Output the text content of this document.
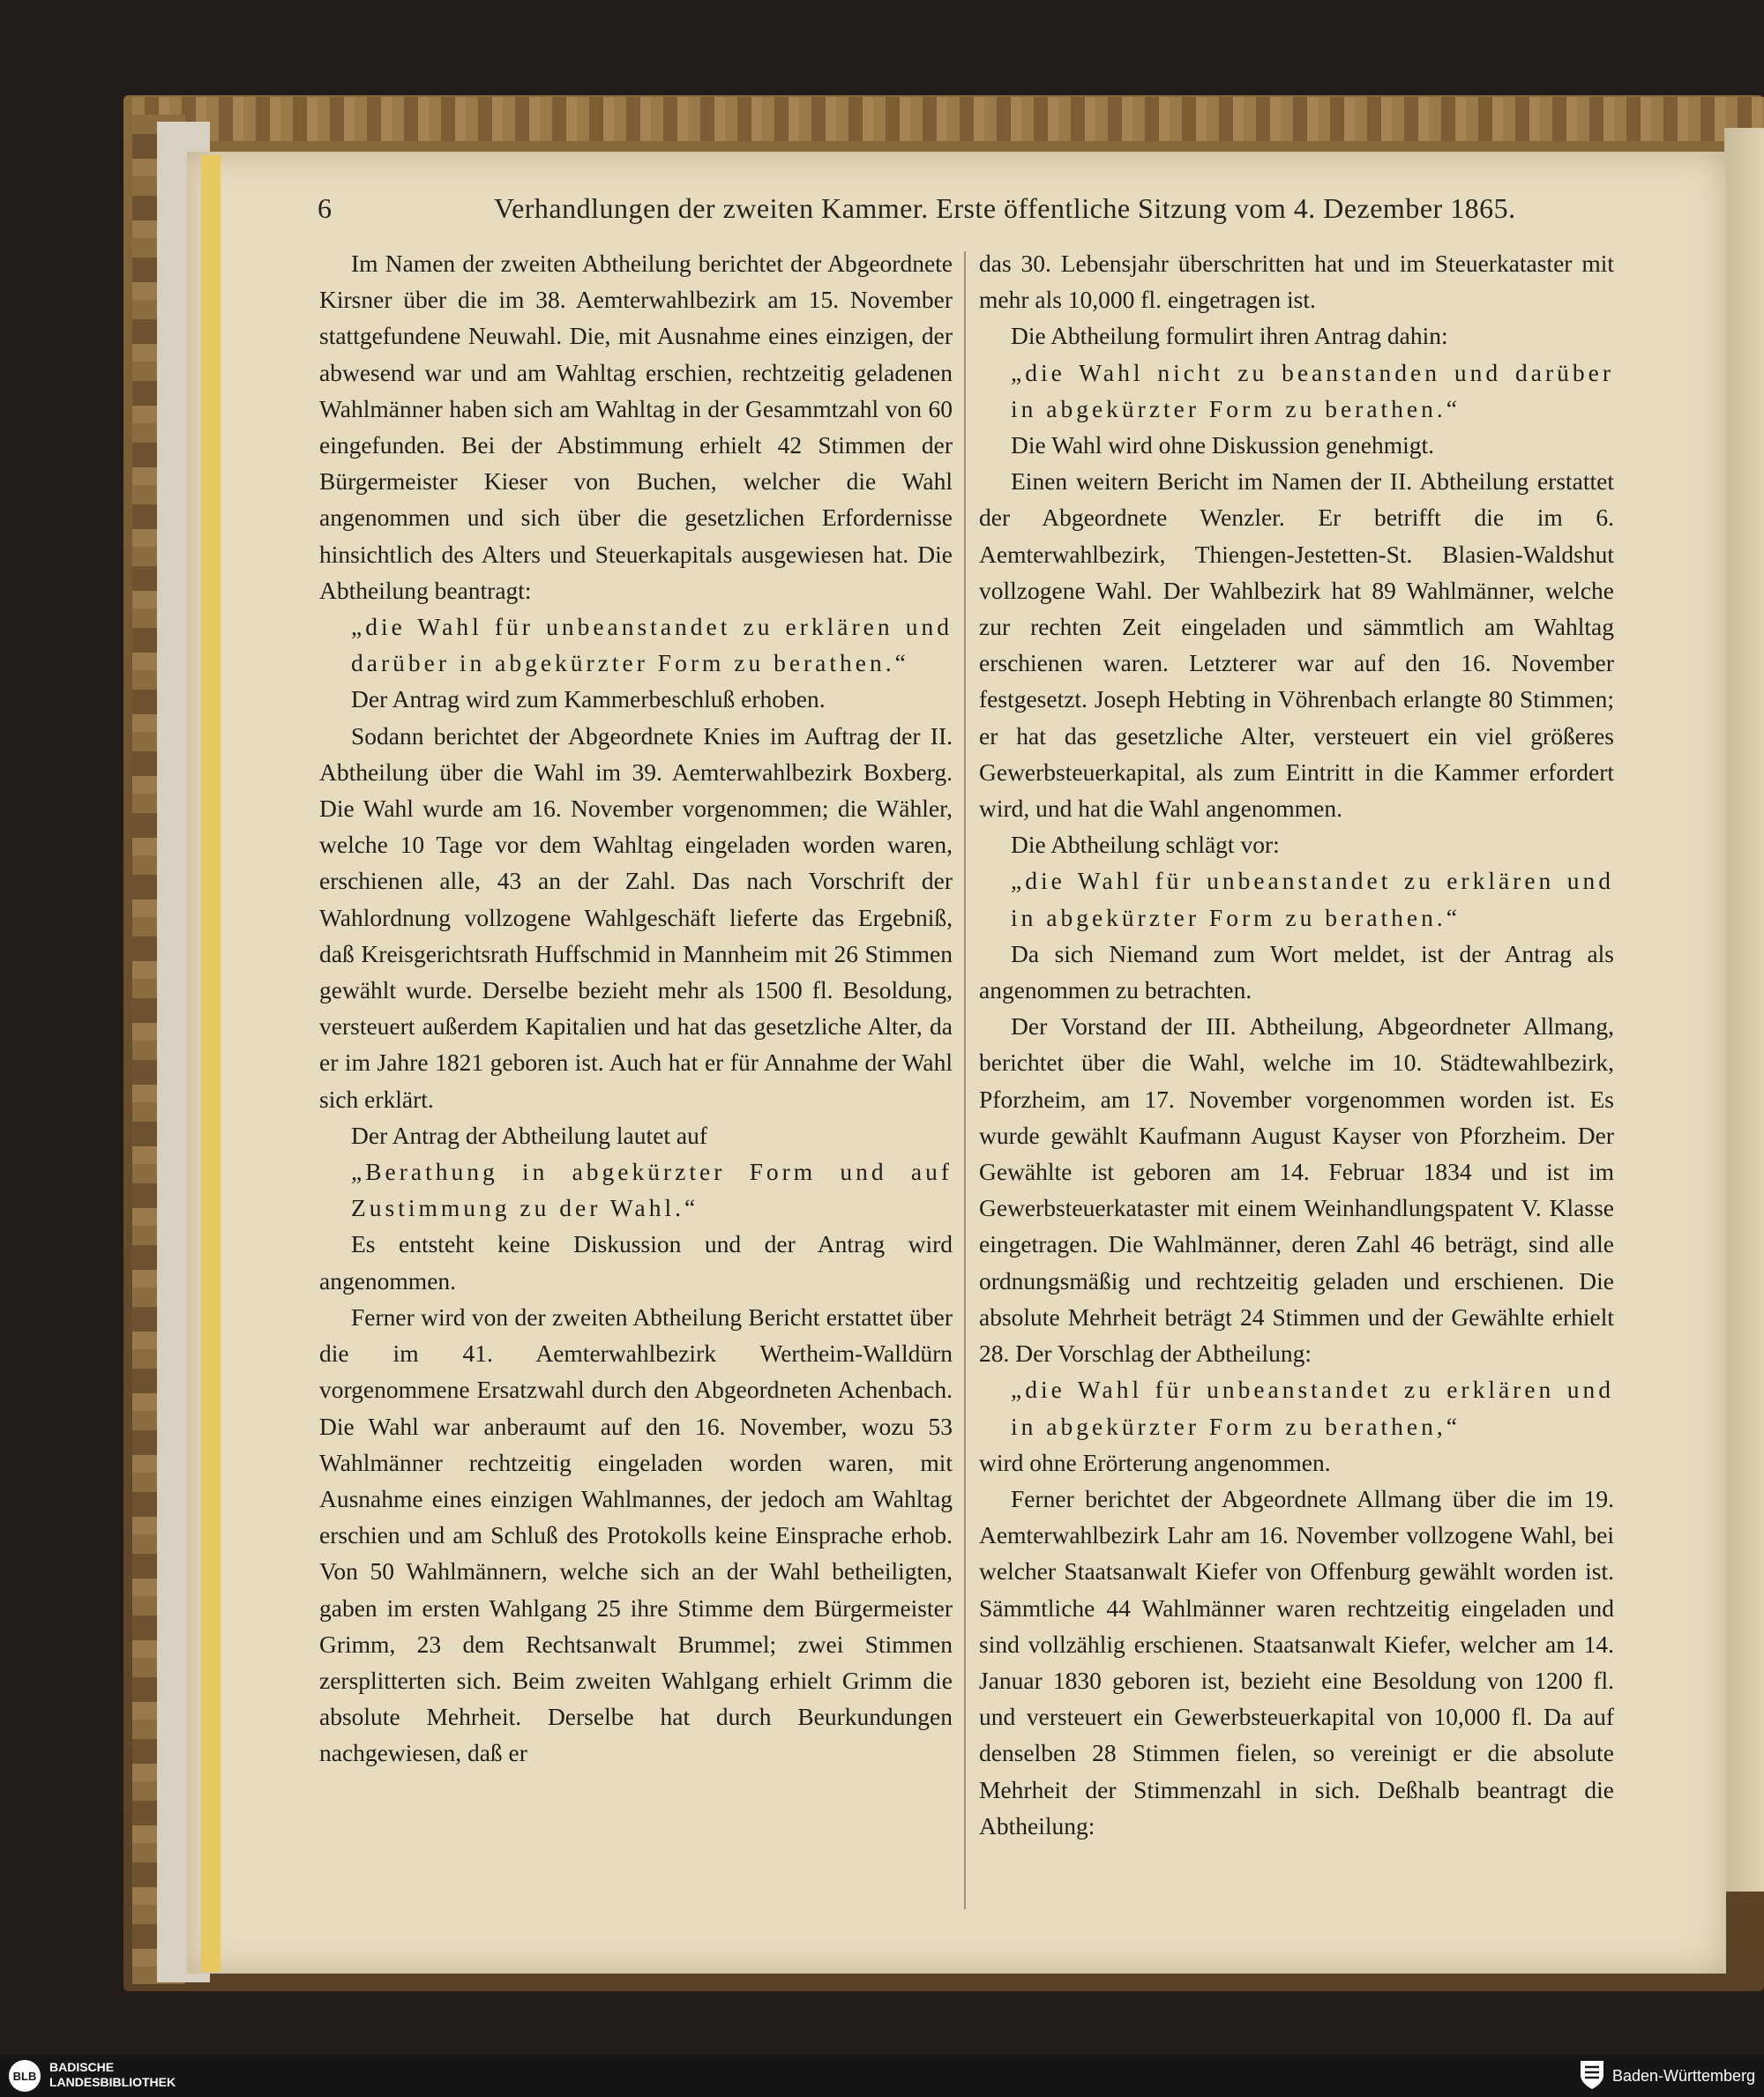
6	Verhandlungen der zweiten Kammer. Erste öffentliche Sitzung vom 4. Dezember 1865.

Im Namen der zweiten Abtheilung berichtet der Abgeordnete Kirsner über die im 38. Aemterwahlbezirk am 15. November stattgefundene Neuwahl. Die, mit Ausnahme eines einzigen, der abwesend war und am Wahltag erschien, rechtzeitig geladenen Wahlmänner haben sich am Wahltag in der Gesammtzahl von 60 eingefunden. Bei der Abstimmung erhielt 42 Stimmen der Bürgermeister Kieser von Buchen, welcher die Wahl angenommen und sich über die gesetzlichen Erfordernisse hinsichtlich des Alters und Steuerkapitals ausgewiesen hat. Die Abtheilung beantragt:

„die Wahl für unbeanstandet zu erklären und darüber in abgekürzter Form zu berathen.“

Der Antrag wird zum Kammerbeschluß erhoben.

Sodann berichtet der Abgeordnete Knies im Auftrag der II. Abtheilung über die Wahl im 39. Aemterwahlbezirk Boxberg. Die Wahl wurde am 16. November vorgenommen; die Wähler, welche 10 Tage vor dem Wahltag eingeladen worden waren, erschienen alle, 43 an der Zahl. Das nach Vorschrift der Wahlordnung vollzogene Wahlgeschäft lieferte das Ergebniß, daß Kreisgerichtsrath Huffschmid in Mannheim mit 26 Stimmen gewählt wurde. Derselbe bezieht mehr als 1500 fl. Besoldung, versteuert außerdem Kapitalien und hat das gesetzliche Alter, da er im Jahre 1821 geboren ist. Auch hat er für Annahme der Wahl sich erklärt.

Der Antrag der Abtheilung lautet auf

„Berathung in abgekürzter Form und auf Zustimmung zu der Wahl.“

Es entsteht keine Diskussion und der Antrag wird angenommen.

Ferner wird von der zweiten Abtheilung Bericht erstattet über die im 41. Aemterwahlbezirk Wertheim-Walldürn vorgenommene Ersatzwahl durch den Abgeordneten Achenbach. Die Wahl war anberaumt auf den 16. November, wozu 53 Wahlmänner rechtzeitig eingeladen worden waren, mit Ausnahme eines einzigen Wahlmannes, der jedoch am Wahltag erschien und am Schluß des Protokolls keine Einsprache erhob. Von 50 Wahlmännern, welche sich an der Wahl betheiligten, gaben im ersten Wahlgang 25 ihre Stimme dem Bürgermeister Grimm, 23 dem Rechtsanwalt Brummel; zwei Stimmen zersplitterten sich. Beim zweiten Wahlgang erhielt Grimm die absolute Mehrheit. Derselbe hat durch Beurkundungen nachgewiesen, daß er

das 30. Lebensjahr überschritten hat und im Steuerkataster mit mehr als 10,000 fl. eingetragen ist.

Die Abtheilung formulirt ihren Antrag dahin:

„die Wahl nicht zu beanstanden und darüber in abgekürzter Form zu berathen.“

Die Wahl wird ohne Diskussion genehmigt.

Einen weitern Bericht im Namen der II. Abtheilung erstattet der Abgeordnete Wenzler. Er betrifft die im 6. Aemterwahlbezirk, Thiengen-Jestetten-St. Blasien-Waldshut vollzogene Wahl. Der Wahlbezirk hat 89 Wahlmänner, welche zur rechten Zeit eingeladen und sämmtlich am Wahltag erschienen waren. Letzterer war auf den 16. November festgesetzt. Joseph Hebting in Vöhrenbach erlangte 80 Stimmen; er hat das gesetzliche Alter, versteuert ein viel größeres Gewerbsteuerkapital, als zum Eintritt in die Kammer erfordert wird, und hat die Wahl angenommen.

Die Abtheilung schlägt vor:

„die Wahl für unbeanstandet zu erklären und in abgekürzter Form zu berathen.“

Da sich Niemand zum Wort meldet, ist der Antrag als angenommen zu betrachten.

Der Vorstand der III. Abtheilung, Abgeordneter Allmang, berichtet über die Wahl, welche im 10. Städtewahlbezirk, Pforzheim, am 17. November vorgenommen worden ist. Es wurde gewählt Kaufmann August Kayser von Pforzheim. Der Gewählte ist geboren am 14. Februar 1834 und ist im Gewerbsteuerkataster mit einem Weinhandlungspatent V. Klasse eingetragen. Die Wahlmänner, deren Zahl 46 beträgt, sind alle ordnungsmäßig und rechtzeitig geladen und erschienen. Die absolute Mehrheit beträgt 24 Stimmen und der Gewählte erhielt 28. Der Vorschlag der Abtheilung:

„die Wahl für unbeanstandet zu erklären und in abgekürzter Form zu berathen,“

wird ohne Erörterung angenommen.

Ferner berichtet der Abgeordnete Allmang über die im 19. Aemterwahlbezirk Lahr am 16. November vollzogene Wahl, bei welcher Staatsanwalt Kiefer von Offenburg gewählt worden ist. Sämmtliche 44 Wahlmänner waren rechtzeitig eingeladen und sind vollzählig erschienen. Staatsanwalt Kiefer, welcher am 14. Januar 1830 geboren ist, bezieht eine Besoldung von 1200 fl. und versteuert ein Gewerbsteuerkapital von 10,000 fl. Da auf denselben 28 Stimmen fielen, so vereinigt er die absolute Mehrheit der Stimmenzahl in sich. Deßhalb beantragt die Abtheilung:

BLB
BADISCHE
LANDESBIBLIOTHEK	Baden-Württemberg
